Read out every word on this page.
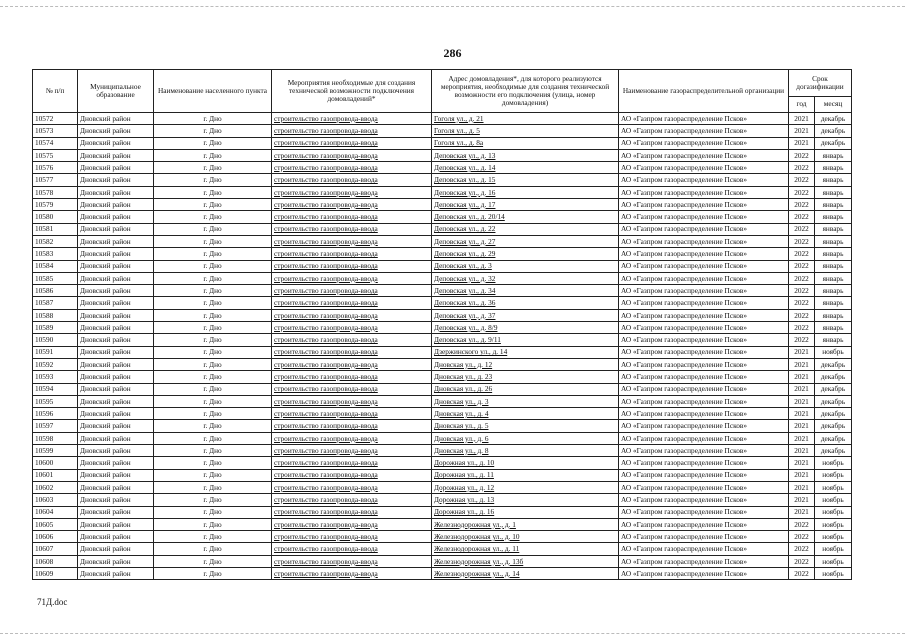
286
№ п/п	Муниципальное образование	Наименование населенного пункта	Мероприятия необходимые для создания технической возможности подключения домовладений*	Адрес домовладения*, для которого реализуются мероприятия, необходимые для создания технической возможности его подключения (улица, номер домовладения)	Наименование газораспределительной организации	Срок догазификации	
						год	месяц
10572	Дновский район	г. Дно	строительство газопровода-ввода	Гоголя ул., д. 21	АО «Газпром газораспределение Псков»	2021	декабрь
10573	Дновский район	г. Дно	строительство газопровода-ввода	Гоголя ул., д. 5	АО «Газпром газораспределение Псков»	2021	декабрь
10574	Дновский район	г. Дно	строительство газопровода-ввода	Гоголя ул., д. 8а	АО «Газпром газораспределение Псков»	2021	декабрь
10575	Дновский район	г. Дно	строительство газопровода-ввода	Деповская ул., д. 13	АО «Газпром газораспределение Псков»	2022	январь
10576	Дновский район	г. Дно	строительство газопровода-ввода	Деповская ул., д. 14	АО «Газпром газораспределение Псков»	2022	январь
10577	Дновский район	г. Дно	строительство газопровода-ввода	Деповская ул., д. 15	АО «Газпром газораспределение Псков»	2022	январь
10578	Дновский район	г. Дно	строительство газопровода-ввода	Деповская ул., д. 16	АО «Газпром газораспределение Псков»	2022	январь
10579	Дновский район	г. Дно	строительство газопровода-ввода	Деповская ул., д. 17	АО «Газпром газораспределение Псков»	2022	январь
10580	Дновский район	г. Дно	строительство газопровода-ввода	Деповская ул., д. 20/14	АО «Газпром газораспределение Псков»	2022	январь
10581	Дновский район	г. Дно	строительство газопровода-ввода	Деповская ул., д. 22	АО «Газпром газораспределение Псков»	2022	январь
10582	Дновский район	г. Дно	строительство газопровода-ввода	Деповская ул., д. 27	АО «Газпром газораспределение Псков»	2022	январь
10583	Дновский район	г. Дно	строительство газопровода-ввода	Деповская ул., д. 29	АО «Газпром газораспределение Псков»	2022	январь
10584	Дновский район	г. Дно	строительство газопровода-ввода	Деповская ул., д. 3	АО «Газпром газораспределение Псков»	2022	январь
10585	Дновский район	г. Дно	строительство газопровода-ввода	Деповская ул., д. 32	АО «Газпром газораспределение Псков»	2022	январь
10586	Дновский район	г. Дно	строительство газопровода-ввода	Деповская ул., д. 34	АО «Газпром газораспределение Псков»	2022	январь
10587	Дновский район	г. Дно	строительство газопровода-ввода	Деповская ул., д. 36	АО «Газпром газораспределение Псков»	2022	январь
10588	Дновский район	г. Дно	строительство газопровода-ввода	Деповская ул., д. 37	АО «Газпром газораспределение Псков»	2022	январь
10589	Дновский район	г. Дно	строительство газопровода-ввода	Деповская ул., д. 8/9	АО «Газпром газораспределение Псков»	2022	январь
10590	Дновский район	г. Дно	строительство газопровода-ввода	Деповская ул., д. 9/11	АО «Газпром газораспределение Псков»	2022	январь
10591	Дновский район	г. Дно	строительство газопровода-ввода	Дзержинского ул., д. 14	АО «Газпром газораспределение Псков»	2021	ноябрь
10592	Дновский район	г. Дно	строительство газопровода-ввода	Дновская ул., д. 12	АО «Газпром газораспределение Псков»	2021	декабрь
10593	Дновский район	г. Дно	строительство газопровода-ввода	Дновская ул., д. 23	АО «Газпром газораспределение Псков»	2021	декабрь
10594	Дновский район	г. Дно	строительство газопровода-ввода	Дновская ул., д. 26	АО «Газпром газораспределение Псков»	2021	декабрь
10595	Дновский район	г. Дно	строительство газопровода-ввода	Дновская ул., д. 3	АО «Газпром газораспределение Псков»	2021	декабрь
10596	Дновский район	г. Дно	строительство газопровода-ввода	Дновская ул., д. 4	АО «Газпром газораспределение Псков»	2021	декабрь
10597	Дновский район	г. Дно	строительство газопровода-ввода	Дновская ул., д. 5	АО «Газпром газораспределение Псков»	2021	декабрь
10598	Дновский район	г. Дно	строительство газопровода-ввода	Дновская ул., д. 6	АО «Газпром газораспределение Псков»	2021	декабрь
10599	Дновский район	г. Дно	строительство газопровода-ввода	Дновская ул., д. 8	АО «Газпром газораспределение Псков»	2021	декабрь
10600	Дновский район	г. Дно	строительство газопровода-ввода	Дорожная ул., д. 10	АО «Газпром газораспределение Псков»	2021	ноябрь
10601	Дновский район	г. Дно	строительство газопровода-ввода	Дорожная ул., д. 11	АО «Газпром газораспределение Псков»	2021	ноябрь
10602	Дновский район	г. Дно	строительство газопровода-ввода	Дорожная ул., д. 12	АО «Газпром газораспределение Псков»	2021	ноябрь
10603	Дновский район	г. Дно	строительство газопровода-ввода	Дорожная ул., д. 13	АО «Газпром газораспределение Псков»	2021	ноябрь
10604	Дновский район	г. Дно	строительство газопровода-ввода	Дорожная ул., д. 16	АО «Газпром газораспределение Псков»	2021	ноябрь
10605	Дновский район	г. Дно	строительство газопровода-ввода	Железнодорожная ул., д. 1	АО «Газпром газораспределение Псков»	2022	ноябрь
10606	Дновский район	г. Дно	строительство газопровода-ввода	Железнодорожная ул., д. 10	АО «Газпром газораспределение Псков»	2022	ноябрь
10607	Дновский район	г. Дно	строительство газопровода-ввода	Железнодорожная ул., д. 11	АО «Газпром газораспределение Псков»	2022	ноябрь
10608	Дновский район	г. Дно	строительство газопровода-ввода	Железнодорожная ул., д. 13б	АО «Газпром газораспределение Псков»	2022	ноябрь
10609	Дновский район	г. Дно	строительство газопровода-ввода	Железнодорожная ул., д. 14	АО «Газпром газораспределение Псков»	2022	ноябрь
71Д.doc
